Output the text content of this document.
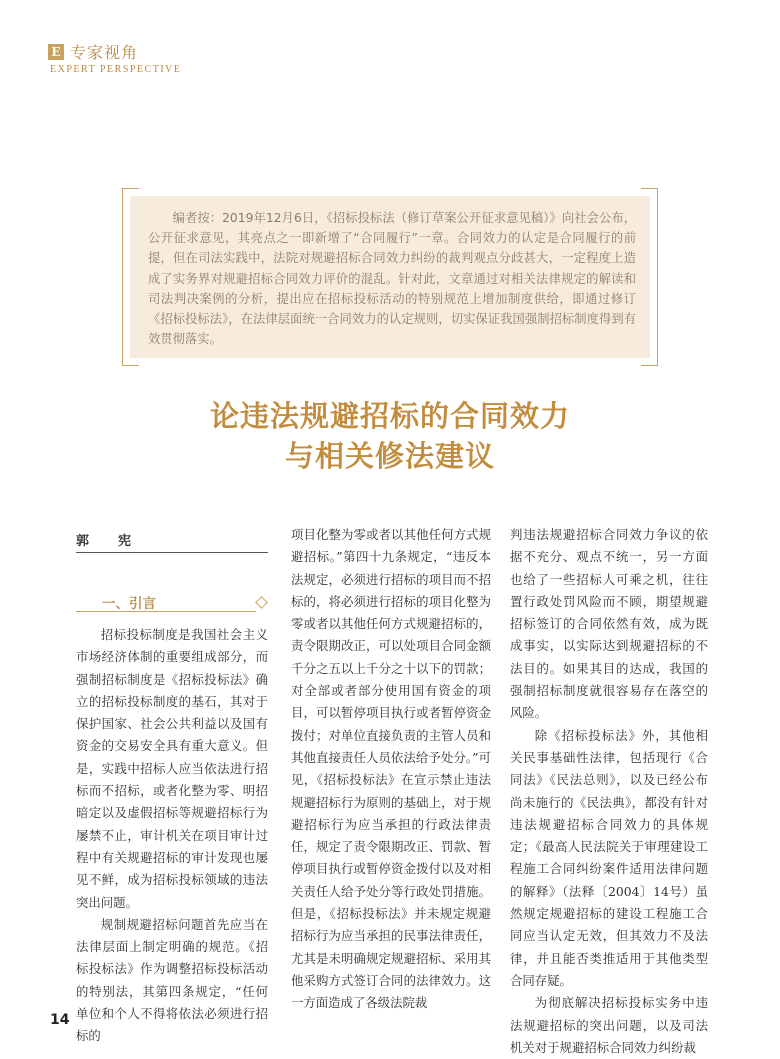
E 专家视角
EXPERT PERSPECTIVE
编者按：2019年12月6日，《招标投标法（修订草案公开征求意见稿）》向社会公布，公开征求意见，其亮点之一即新增了“合同履行”一章。合同效力的认定是合同履行的前提，但在司法实践中，法院对规避招标合同效力纠纷的裁判观点分歧甚大，一定程度上造成了实务界对规避招标合同效力评价的混乱。针对此，文章通过对相关法律规定的解读和司法判决案例的分析，提出应在招标投标活动的特别规范上增加制度供给，即通过修订《招标投标法》，在法律层面统一合同效力的认定规则，切实保证我国强制招标制度得到有效贯彻落实。
论违法规避招标的合同效力
与相关修法建议
郭　宪
一、引言

招标投标制度是我国社会主义市场经济体制的重要组成部分，而强制招标制度是《招标投标法》确立的招标投标制度的基石，其对于保护国家、社会公共利益以及国有资金的交易安全具有重大意义。但是，实践中招标人应当依法进行招标而不招标，或者化整为零、明招暗定以及虚假招标等规避招标行为屡禁不止，审计机关在项目审计过程中有关规避招标的审计发现也屡见不鲜，成为招标投标领域的违法突出问题。

规制规避招标问题首先应当在法律层面上制定明确的规范。《招标投标法》作为调整招标投标活动的特别法，其第四条规定，“任何单位和个人不得将依法必须进行招标的

项目化整为零或者以其他任何方式规避招标。”第四十九条规定，“违反本法规定，必须进行招标的项目而不招标的，将必须进行招标的项目化整为零或者以其他任何方式规避招标的，责令限期改正，可以处项目合同金额千分之五以上千分之十以下的罚款；对全部或者部分使用国有资金的项目，可以暂停项目执行或者暂停资金拨付；对单位直接负责的主管人员和其他直接责任人员依法给予处分。”可见，《招标投标法》在宣示禁止违法规避招标行为原则的基础上，对于规避招标行为应当承担的行政法律责任，规定了责令限期改正、罚款、暂停项目执行或暂停资金拨付以及对相关责任人给予处分等行政处罚措施。但是，《招标投标法》并未规定规避招标行为应当承担的民事法律责任，尤其是未明确规定规避招标、采用其他采购方式签订合同的法律效力。这一方面造成了各级法院裁

判违法规避招标合同效力争议的依据不充分、观点不统一，另一方面也给了一些招标人可乘之机，往往置行政处罚风险而不顾，期望规避招标签订的合同依然有效，成为既成事实，以实际达到规避招标的不法目的。如果其目的达成，我国的强制招标制度就很容易存在落空的风险。

除《招标投标法》外，其他相关民事基础性法律，包括现行《合同法》《民法总则》，以及已经公布尚未施行的《民法典》，都没有针对违法规避招标合同效力的具体规定；《最高人民法院关于审理建设工程施工合同纠纷案件适用法律问题的解释》（法释〔2004〕14号）虽然规定规避招标的建设工程施工合同应当认定无效，但其效力不及法律，并且能否类推适用于其他类型合同存疑。

为彻底解决招标投标实务中违法规避招标的突出问题，以及司法机关对于规避招标合同效力纠纷裁

14
